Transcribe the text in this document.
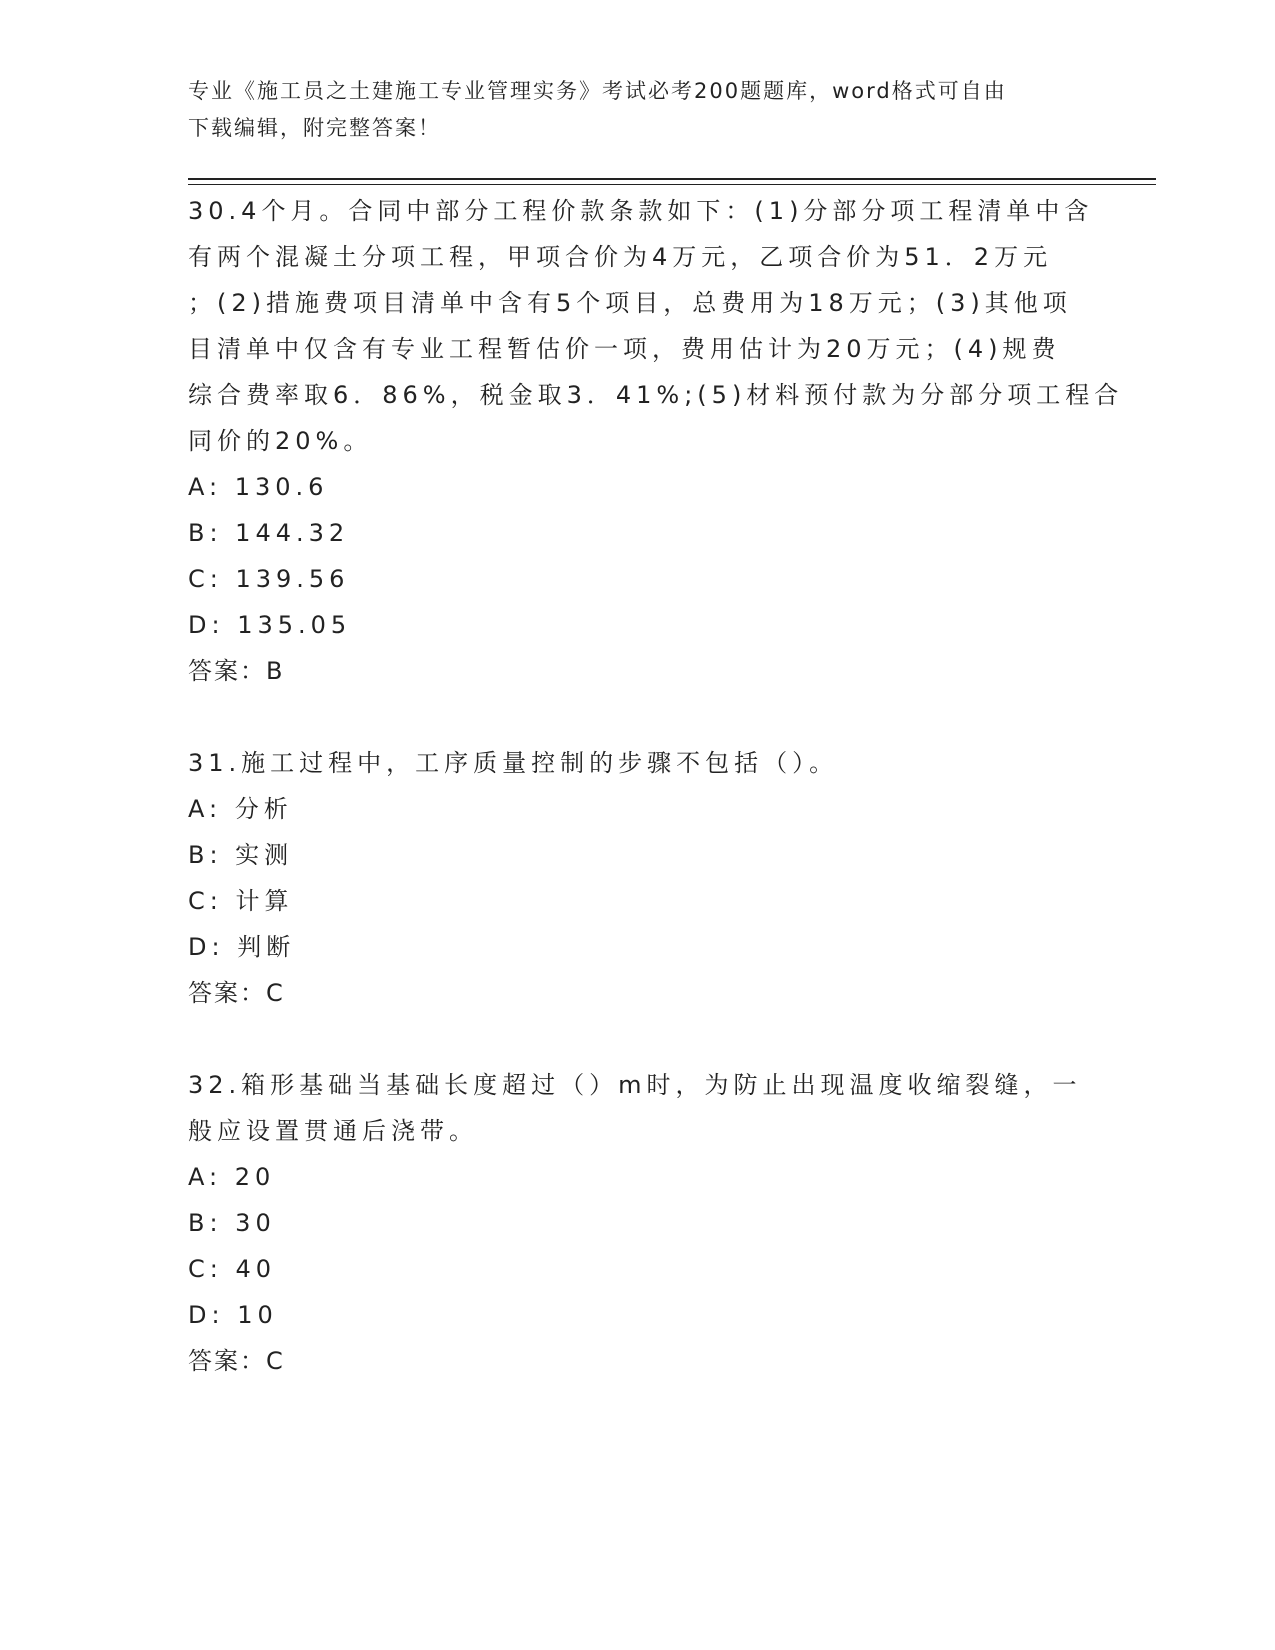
专业《施工员之土建施工专业管理实务》考试必考200题题库，word格式可自由
下载编辑，附完整答案！
30.4个月。合同中部分工程价款条款如下：(1)分部分项工程清单中含
有两个混凝土分项工程，甲项合价为4万元，乙项合价为51．2万元
；(2)措施费项目清单中含有5个项目，总费用为18万元；(3)其他项
目清单中仅含有专业工程暂估价一项，费用估计为20万元；(4)规费
综合费率取6．86%，税金取3．41%;(5)材料预付款为分部分项工程合
同价的20%。
A: 130.6
B: 144.32
C: 139.56
D: 135.05
答案：B
31.施工过程中，工序质量控制的步骤不包括（）。
A: 分析
B: 实测
C: 计算
D: 判断
答案：C
32.箱形基础当基础长度超过（）m时，为防止出现温度收缩裂缝，一
般应设置贯通后浇带。
A: 20
B: 30
C: 40
D: 10
答案：C
